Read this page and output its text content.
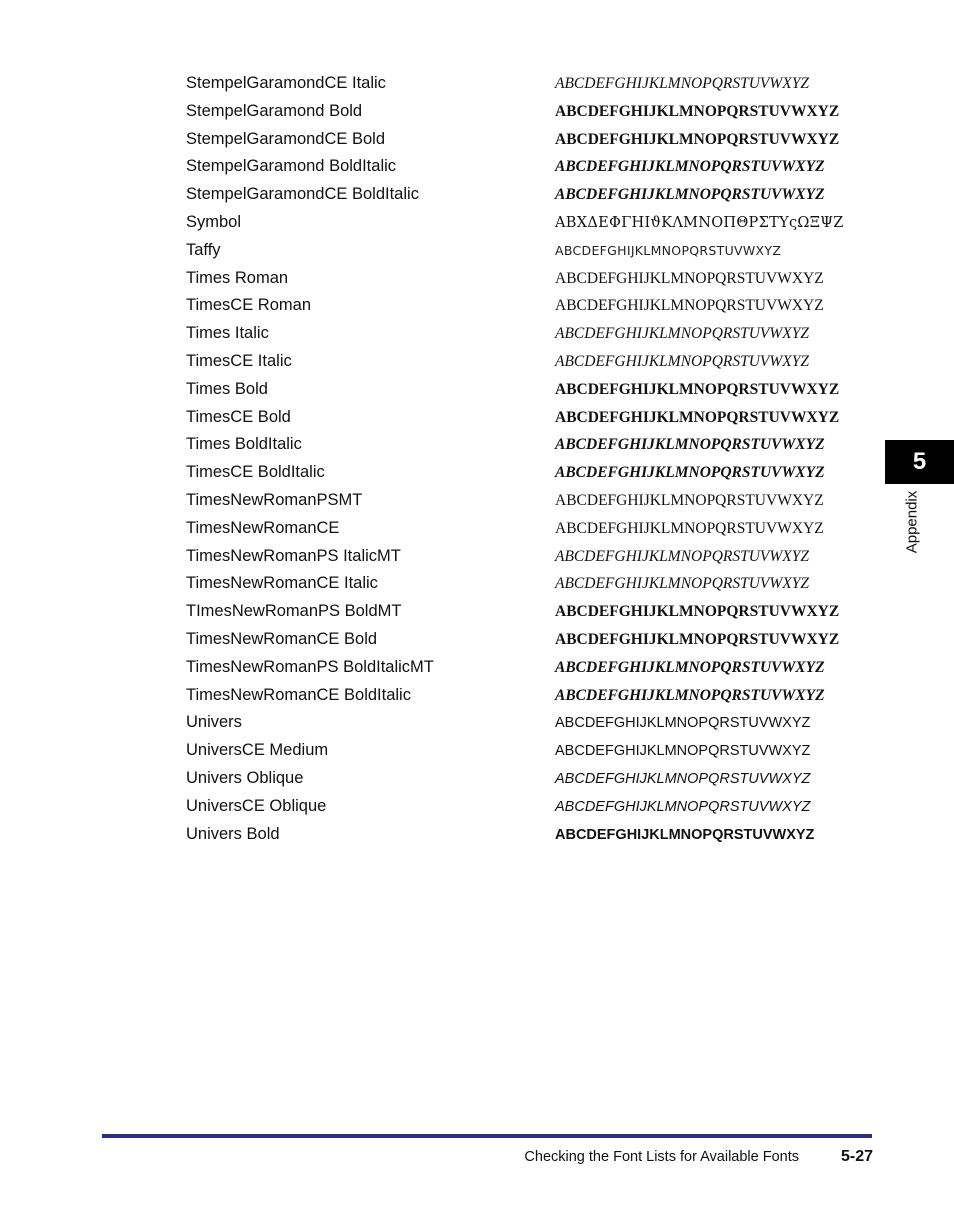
StempelGaramondCE Italic	ABCDEFGHIJKLMNOPQRSTUVWXYZ
StempelGaramond Bold	ABCDEFGHIJKLMNOPQRSTUVWXYZ
StempelGaramondCE Bold	ABCDEFGHIJKLMNOPQRSTUVWXYZ
StempelGaramond BoldItalic	ABCDEFGHIJKLMNOPQRSTUVWXYZ
StempelGaramondCE BoldItalic	ABCDEFGHIJKLMNOPQRSTUVWXYZ
Symbol	ΑΒΧΔΕΦΓΗΙϑΚΛΜΝΟΠΘΡΣΤΥςΩΞΨΖ
Taffy	ABCDEFGHIJKLMNOPQRSTUVWXYZ
Times Roman	ABCDEFGHIJKLMNOPQRSTUVWXYZ
TimesCE Roman	ABCDEFGHIJKLMNOPQRSTUVWXYZ
Times Italic	ABCDEFGHIJKLMNOPQRSTUVWXYZ
TimesCE Italic	ABCDEFGHIJKLMNOPQRSTUVWXYZ
Times Bold	ABCDEFGHIJKLMNOPQRSTUVWXYZ
TimesCE Bold	ABCDEFGHIJKLMNOPQRSTUVWXYZ
Times BoldItalic	ABCDEFGHIJKLMNOPQRSTUVWXYZ
TimesCE BoldItalic	ABCDEFGHIJKLMNOPQRSTUVWXYZ
TimesNewRomanPSMT	ABCDEFGHIJKLMNOPQRSTUVWXYZ
TimesNewRomanCE	ABCDEFGHIJKLMNOPQRSTUVWXYZ
TimesNewRomanPS ItalicMT	ABCDEFGHIJKLMNOPQRSTUVWXYZ
TimesNewRomanCE Italic	ABCDEFGHIJKLMNOPQRSTUVWXYZ
TImesNewRomanPS BoldMT	ABCDEFGHIJKLMNOPQRSTUVWXYZ
TimesNewRomanCE Bold	ABCDEFGHIJKLMNOPQRSTUVWXYZ
TimesNewRomanPS BoldItalicMT	ABCDEFGHIJKLMNOPQRSTUVWXYZ
TimesNewRomanCE BoldItalic	ABCDEFGHIJKLMNOPQRSTUVWXYZ
Univers	ABCDEFGHIJKLMNOPQRSTUVWXYZ
UniversCE Medium	ABCDEFGHIJKLMNOPQRSTUVWXYZ
Univers Oblique	ABCDEFGHIJKLMNOPQRSTUVWXYZ
UniversCE Oblique	ABCDEFGHIJKLMNOPQRSTUVWXYZ
Univers Bold	ABCDEFGHIJKLMNOPQRSTUVWXYZ
5
Appendix
Checking the Font Lists for Available Fonts	5-27
